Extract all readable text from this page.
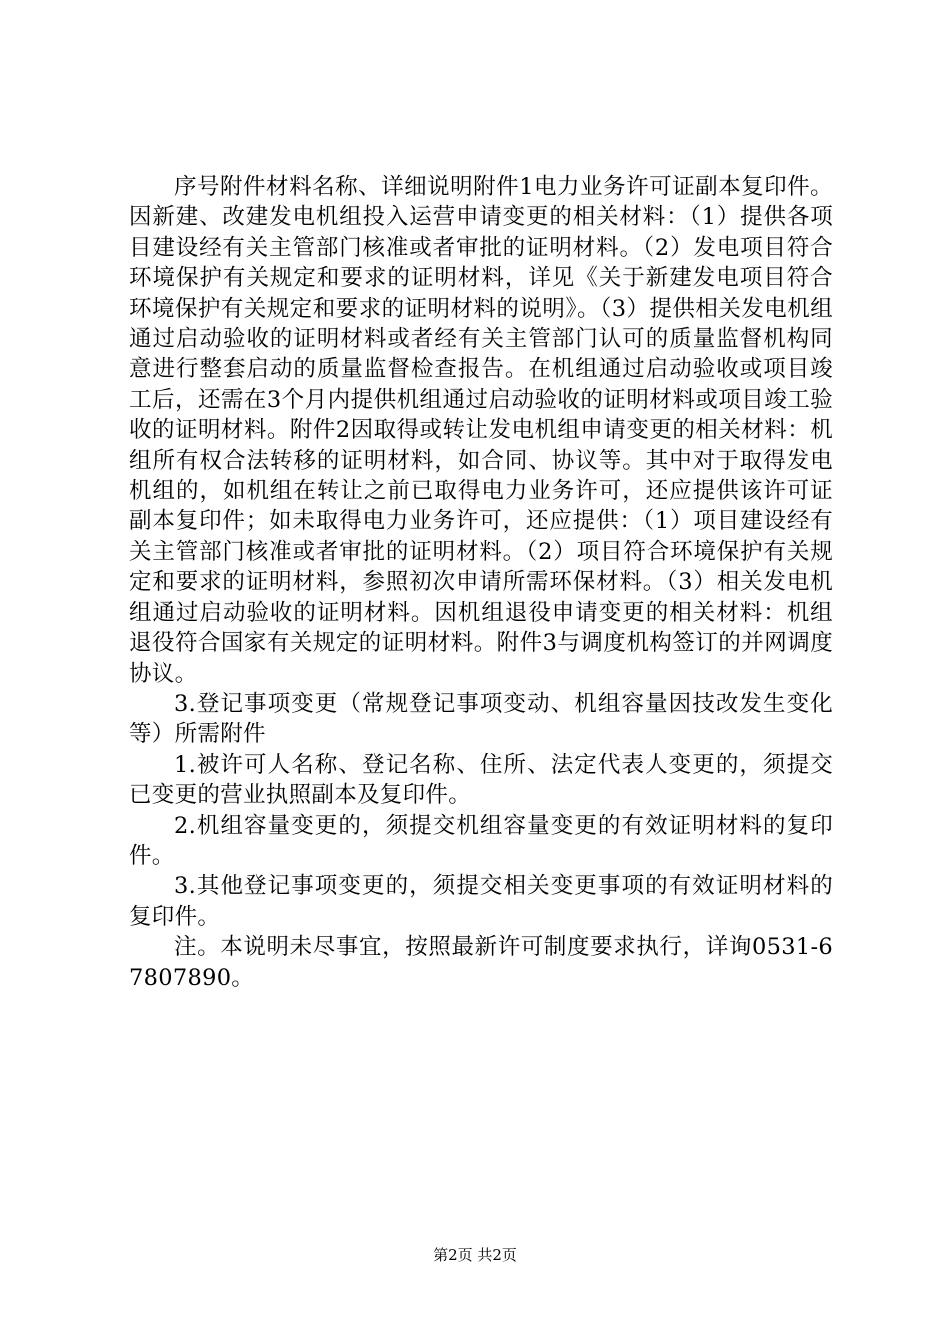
序号附件材料名称、详细说明附件1电力业务许可证副本复印件。因新建、改建发电机组投入运营申请变更的相关材料：（1）提供各项目建设经有关主管部门核准或者审批的证明材料。（2）发电项目符合环境保护有关规定和要求的证明材料，详见《关于新建发电项目符合环境保护有关规定和要求的证明材料的说明》。（3）提供相关发电机组通过启动验收的证明材料或者经有关主管部门认可的质量监督机构同意进行整套启动的质量监督检查报告。在机组通过启动验收或项目竣工后，还需在3个月内提供机组通过启动验收的证明材料或项目竣工验收的证明材料。附件2因取得或转让发电机组申请变更的相关材料：机组所有权合法转移的证明材料，如合同、协议等。其中对于取得发电机组的，如机组在转让之前已取得电力业务许可，还应提供该许可证副本复印件；如未取得电力业务许可，还应提供：（1）项目建设经有关主管部门核准或者审批的证明材料。（2）项目符合环境保护有关规定和要求的证明材料，参照初次申请所需环保材料。（3）相关发电机组通过启动验收的证明材料。因机组退役申请变更的相关材料：机组退役符合国家有关规定的证明材料。附件3与调度机构签订的并网调度协议。

3.登记事项变更（常规登记事项变动、机组容量因技改发生变化等）所需附件

1.被许可人名称、登记名称、住所、法定代表人变更的，须提交已变更的营业执照副本及复印件。

2.机组容量变更的，须提交机组容量变更的有效证明材料的复印件。

3.其他登记事项变更的，须提交相关变更事项的有效证明材料的复印件。

注。本说明未尽事宜，按照最新许可制度要求执行，详询0531-67807890。

第2页 共2页
